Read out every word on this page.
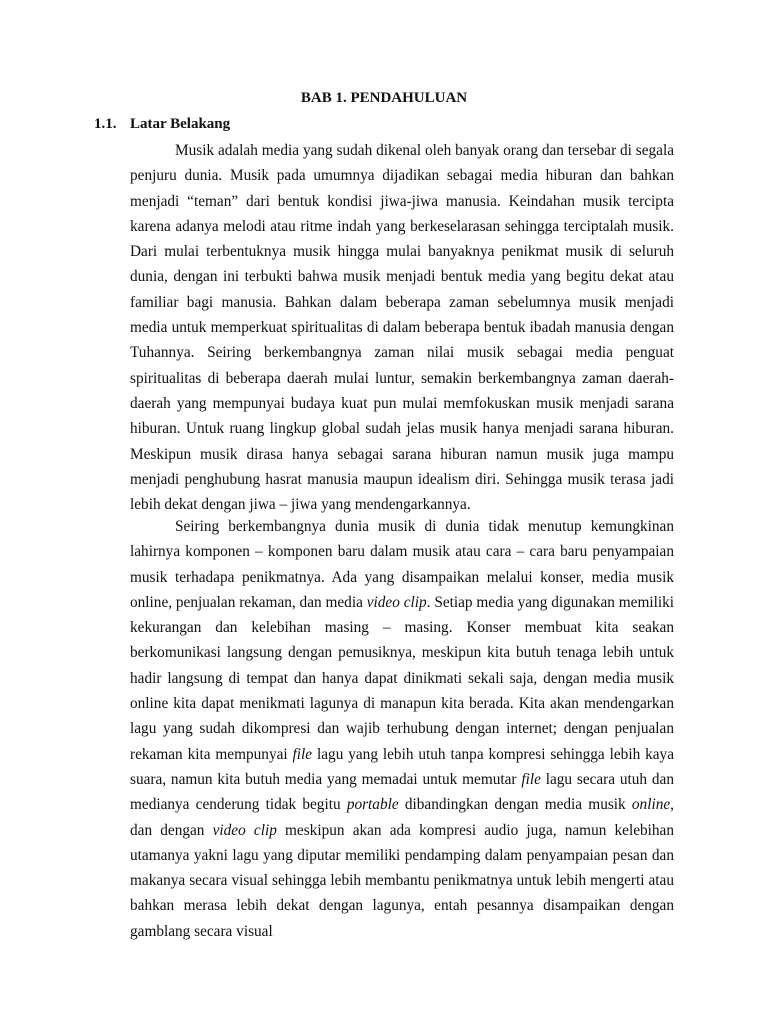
BAB 1. PENDAHULUAN
1.1. Latar Belakang

Musik adalah media yang sudah dikenal oleh banyak orang dan tersebar di segala penjuru dunia. Musik pada umumnya dijadikan sebagai media hiburan dan bahkan menjadi “teman” dari bentuk kondisi jiwa-jiwa manusia. Keindahan musik tercipta karena adanya melodi atau ritme indah yang berkeselarasan sehingga terciptalah musik. Dari mulai terbentuknya musik hingga mulai banyaknya penikmat musik di seluruh dunia, dengan ini terbukti bahwa musik menjadi bentuk media yang begitu dekat atau familiar bagi manusia. Bahkan dalam beberapa zaman sebelumnya musik menjadi media untuk memperkuat spiritualitas di dalam beberapa bentuk ibadah manusia dengan Tuhannya. Seiring berkembangnya zaman nilai musik sebagai media penguat spiritualitas di beberapa daerah mulai luntur, semakin berkembangnya zaman daerah-daerah yang mempunyai budaya kuat pun mulai memfokuskan musik menjadi sarana hiburan. Untuk ruang lingkup global sudah jelas musik hanya menjadi sarana hiburan. Meskipun musik dirasa hanya sebagai sarana hiburan namun musik juga mampu menjadi penghubung hasrat manusia maupun idealism diri. Sehingga musik terasa jadi lebih dekat dengan jiwa – jiwa yang mendengarkannya.

Seiring berkembangnya dunia musik di dunia tidak menutup kemungkinan lahirnya komponen – komponen baru dalam musik atau cara – cara baru penyampaian musik terhadapa penikmatnya. Ada yang disampaikan melalui konser, media musik online, penjualan rekaman, dan media video clip. Setiap media yang digunakan memiliki kekurangan dan kelebihan masing – masing. Konser membuat kita seakan berkomunikasi langsung dengan pemusiknya, meskipun kita butuh tenaga lebih untuk hadir langsung di tempat dan hanya dapat dinikmati sekali saja, dengan media musik online kita dapat menikmati lagunya di manapun kita berada. Kita akan mendengarkan lagu yang sudah dikompresi dan wajib terhubung dengan internet; dengan penjualan rekaman kita mempunyai file lagu yang lebih utuh tanpa kompresi sehingga lebih kaya suara, namun kita butuh media yang memadai untuk memutar file lagu secara utuh dan medianya cenderung tidak begitu portable dibandingkan dengan media musik online, dan dengan video clip meskipun akan ada kompresi audio juga, namun kelebihan utamanya yakni lagu yang diputar memiliki pendamping dalam penyampaian pesan dan makanya secara visual sehingga lebih membantu penikmatnya untuk lebih mengerti atau bahkan merasa lebih dekat dengan lagunya, entah pesannya disampaikan dengan gamblang secara visual
